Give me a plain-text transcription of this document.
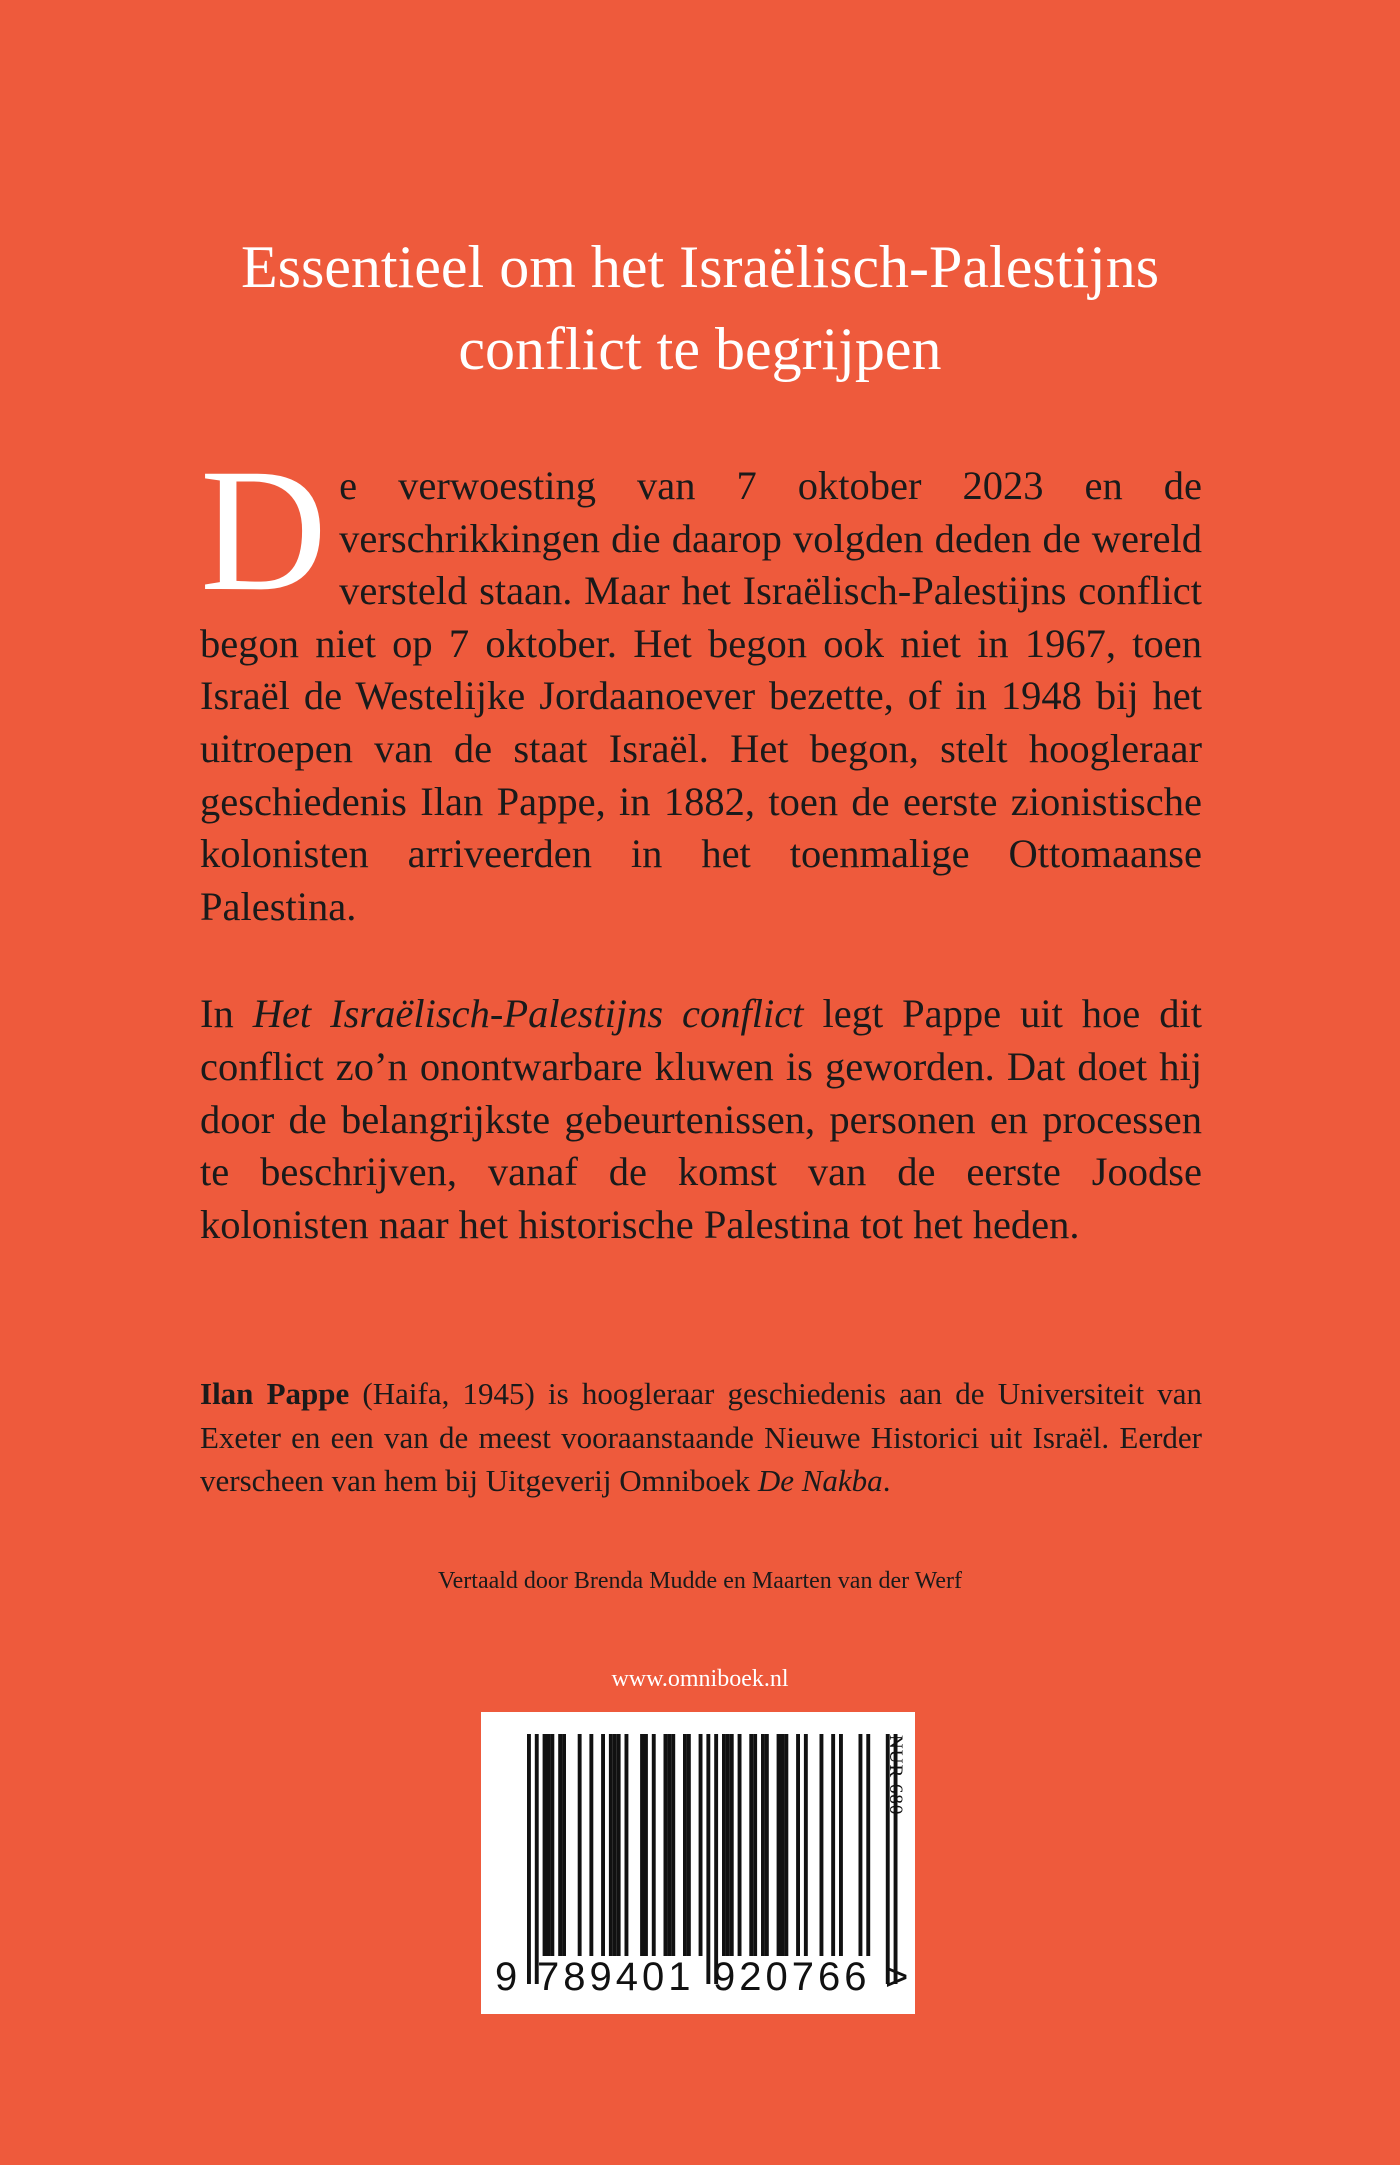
Essentieel om het Israëlisch-Palestijns
conflict te begrijpen
D e verwoesting van 7 oktober 2023 en de verschrikkingen die daarop volgden deden de wereld versteld staan. Maar het Israëlisch-Palestijns conflict begon niet op 7 oktober. Het begon ook niet in 1967, toen Israël de Westelijke Jordaanoever bezette, of in 1948 bij het uitroepen van de staat Israël. Het begon, stelt hoogleraar geschiedenis Ilan Pappe, in 1882, toen de eerste zionistische kolonisten arriveerden in het toenmalige Ottomaanse Palestina.

In Het Israëlisch-Palestijns conflict legt Pappe uit hoe dit conflict zo’n onontwarbare kluwen is geworden. Dat doet hij door de belangrijkste gebeurtenissen, personen en processen te beschrijven, vanaf de komst van de eerste Joodse kolonisten naar het historische Palestina tot het heden.

Ilan Pappe (Haifa, 1945) is hoogleraar geschiedenis aan de Universiteit van Exeter en een van de meest vooraanstaande Nieuwe Historici uit Israël. Eerder verscheen van hem bij Uitgeverij Omniboek De Nakba.

Vertaald door Brenda Mudde en Maarten van der Werf
www.omniboek.nl
9 789401 920766 >
NUR 680
